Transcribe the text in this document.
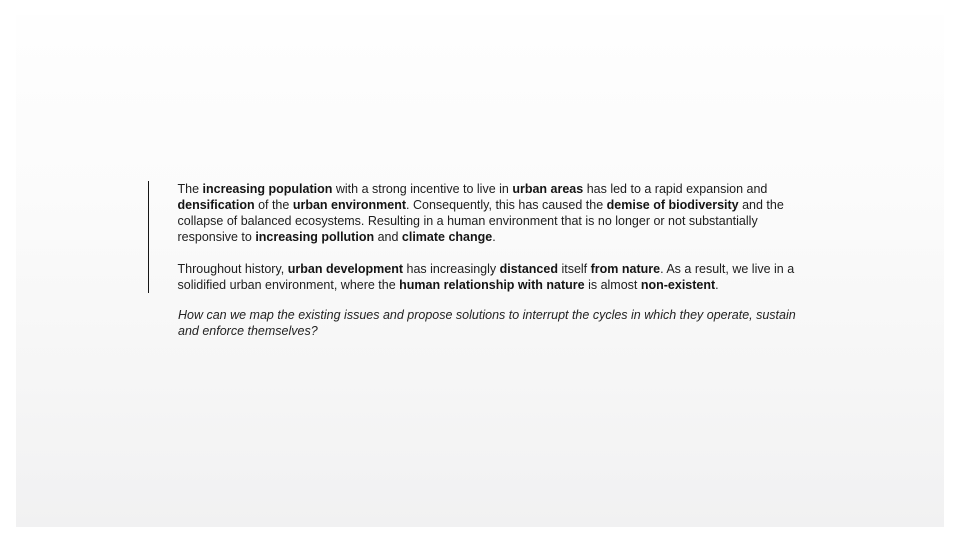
The increasing population with a strong incentive to live in urban areas has led to a rapid expansion and densification of the urban environment. Consequently, this has caused the demise of biodiversity and the collapse of balanced ecosystems. Resulting in a human environment that is no longer or not substantially responsive to increasing pollution and climate change.

Throughout history, urban development has increasingly distanced itself from nature. As a result, we live in a solidified urban environment, where the human relationship with nature is almost non-existent.

How can we map the existing issues and propose solutions to interrupt the cycles in which they operate, sustain and enforce themselves?
